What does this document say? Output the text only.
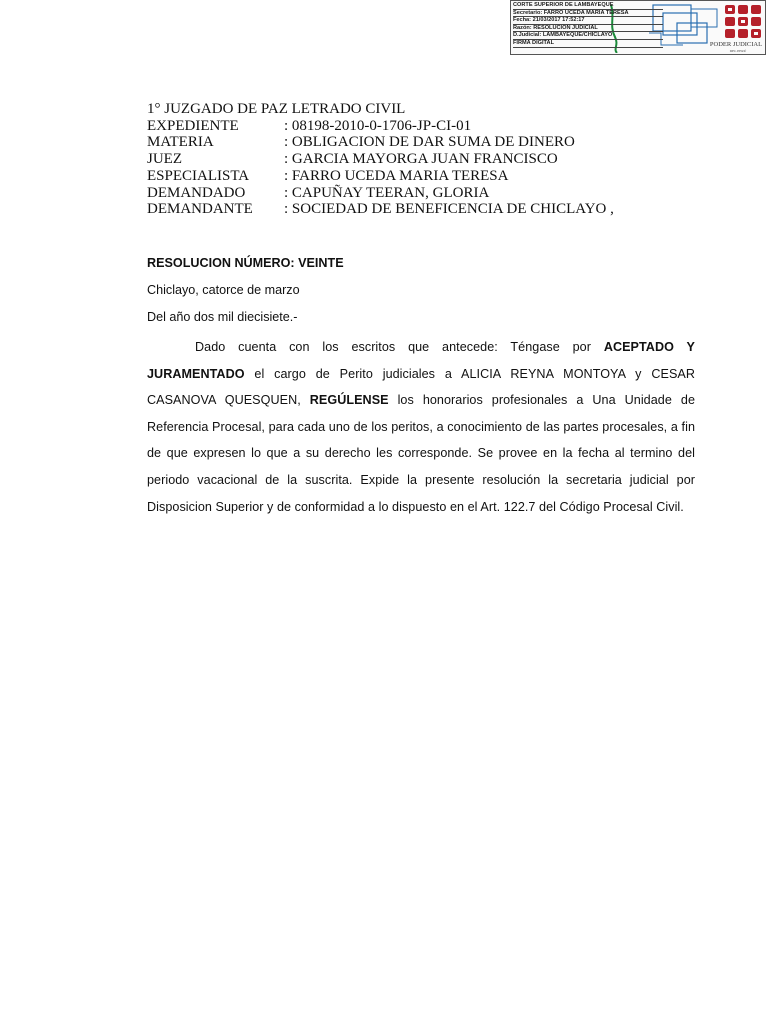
CORTE SUPERIOR DE LAMBAYEQUE
Secretario: FARRO UCEDA MARIA TERESA
Fecha: 21/03/2017 17:52:17
Razón: RESOLUCION JUDICIAL
D.Judicial: LAMBAYEQUE/CHICLAYO
FIRMA DIGITAL	PODER JUDICIAL
DEL PERÚ
1° JUZGADO DE PAZ LETRADO CIVIL
EXPEDIENTE	: 08198-2010-0-1706-JP-CI-01
MATERIA	: OBLIGACION DE DAR SUMA DE DINERO
JUEZ	: GARCIA MAYORGA JUAN FRANCISCO
ESPECIALISTA	: FARRO UCEDA MARIA TERESA
DEMANDADO	: CAPUÑAY TEERAN, GLORIA
DEMANDANTE	: SOCIEDAD DE BENEFICENCIA DE CHICLAYO ,

RESOLUCION NÚMERO: VEINTE

Chiclayo, catorce de marzo

Del año dos mil diecisiete.-

Dado cuenta con los escritos que antecede: Téngase por ACEPTADO Y JURAMENTADO el cargo de Perito judiciales a ALICIA REYNA MONTOYA y CESAR CASANOVA QUESQUEN, REGÚLENSE los honorarios profesionales a Una Unidade de Referencia Procesal, para cada uno de los peritos, a conocimiento de las partes procesales, a fin de que expresen lo que a su derecho les corresponde. Se provee en la fecha al termino del periodo vacacional de la suscrita. Expide la presente resolución la secretaria judicial por Disposicion Superior y de conformidad a lo dispuesto en el Art. 122.7 del Código Procesal Civil.
